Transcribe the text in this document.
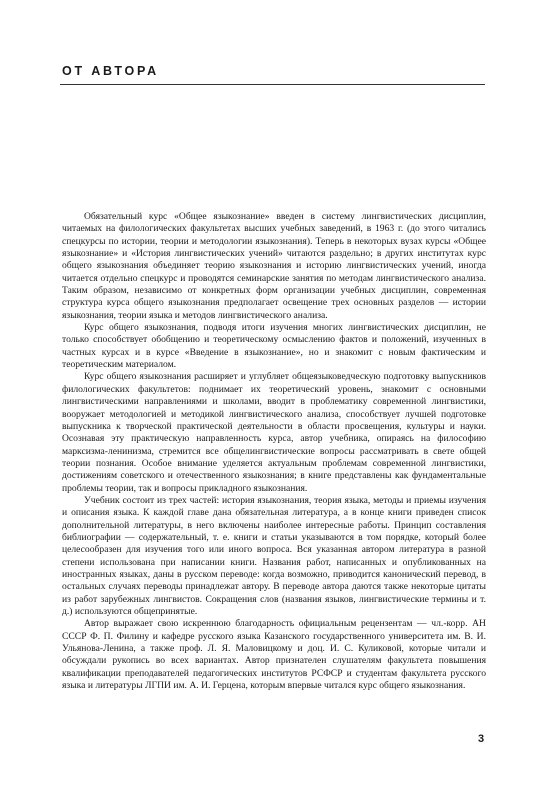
ОТ АВТОРА

Обязательный курс «Общее языкознание» введен в систему лингвистических дисциплин, читаемых на филологических факультетах высших учебных заведений, в 1963 г. (до этого читались спецкурсы по истории, теории и методологии языкознания). Теперь в некоторых вузах курсы «Общее языкознание» и «История лингвистических учений» читаются раздельно; в других институтах курс общего языкознания объединяет теорию языкознания и историю лингвистических учений, иногда читается отдельно спецкурс и проводятся семинарские занятия по методам лингвистического анализа. Таким образом, независимо от конкретных форм организации учебных дисциплин, современная структура курса общего языкознания предполагает освещение трех основных разделов — истории языкознания, теории языка и методов лингвистического анализа.

Курс общего языкознания, подводя итоги изучения многих лингвистических дисциплин, не только способствует обобщению и теоретическому осмыслению фактов и положений, изученных в частных курсах и в курсе «Введение в языкознание», но и знакомит с новым фактическим и теоретическим материалом.

Курс общего языкознания расширяет и углубляет общеязыковедческую подготовку выпускников филологических факультетов: поднимает их теоретический уровень, знакомит с основными лингвистическими направлениями и школами, вводит в проблематику современной лингвистики, вооружает методологией и методикой лингвистического анализа, способствует лучшей подготовке выпускника к творческой практической деятельности в области просвещения, культуры и науки. Осознавая эту практическую направленность курса, автор учебника, опираясь на философию марксизма-ленинизма, стремится все общелингвистические вопросы рассматривать в свете общей теории познания. Особое внимание уделяется актуальным проблемам современной лингвистики, достижениям советского и отечественного языкознания; в книге представлены как фундаментальные проблемы теории, так и вопросы прикладного языкознания.

Учебник состоит из трех частей: история языкознания, теория языка, методы и приемы изучения и описания языка. К каждой главе дана обязательная литература, а в конце книги приведен список дополнительной литературы, в него включены наиболее интересные работы. Принцип составления библиографии — содержательный, т. е. книги и статьи указываются в том порядке, который более целесообразен для изучения того или иного вопроса. Вся указанная автором литература в разной степени использована при написании книги. Названия работ, написанных и опубликованных на иностранных языках, даны в русском переводе: когда возможно, приводится канонический перевод, в остальных случаях переводы принадлежат автору. В переводе автора даются также некоторые цитаты из работ зарубежных лингвистов. Сокращения слов (названия языков, лингвистические термины и т. д.) используются общепринятые.

Автор выражает свою искреннюю благодарность официальным рецензентам — чл.-корр. АН СССР Ф. П. Филину и кафедре русского языка Казанского государственного университета им. В. И. Ульянова-Ленина, а также проф. Л. Я. Маловицкому и доц. И. С. Куликовой, которые читали и обсуждали рукопись во всех вариантах. Автор признателен слушателям факультета повышения квалификации преподавателей педагогических институтов РСФСР и студентам факультета русского языка и литературы ЛГПИ им. А. И. Герцена, которым впервые читался курс общего языкознания.

3
